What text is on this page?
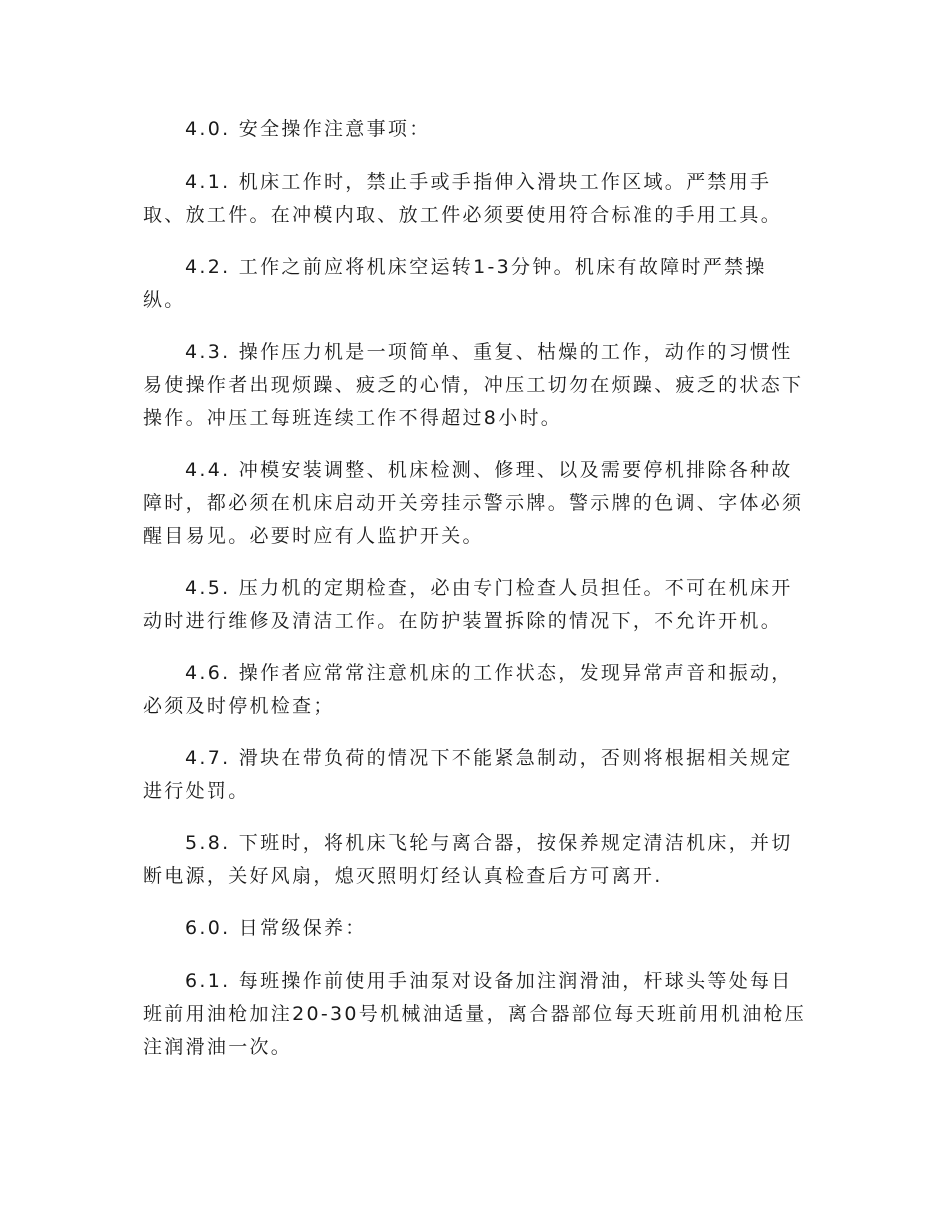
4.0. 安全操作注意事项：

4.1. 机床工作时，禁止手或手指伸入滑块工作区域。严禁用手取、放工件。在冲模内取、放工件必须要使用符合标准的手用工具。

4.2. 工作之前应将机床空运转1-3分钟。机床有故障时严禁操纵。

4.3. 操作压力机是一项简单、重复、枯燥的工作，动作的习惯性易使操作者出现烦躁、疲乏的心情，冲压工切勿在烦躁、疲乏的状态下操作。冲压工每班连续工作不得超过8小时。

4.4. 冲模安装调整、机床检测、修理、以及需要停机排除各种故障时，都必须在机床启动开关旁挂示警示牌。警示牌的色调、字体必须醒目易见。必要时应有人监护开关。

4.5. 压力机的定期检查，必由专门检查人员担任。不可在机床开动时进行维修及清洁工作。在防护装置拆除的情况下，不允许开机。

4.6. 操作者应常常注意机床的工作状态，发现异常声音和振动，必须及时停机检查；

4.7. 滑块在带负荷的情况下不能紧急制动，否则将根据相关规定进行处罚。

5.8. 下班时，将机床飞轮与离合器，按保养规定清洁机床，并切断电源，关好风扇，熄灭照明灯经认真检查后方可离开.

6.0. 日常级保养：

6.1. 每班操作前使用手油泵对设备加注润滑油，杆球头等处每日班前用油枪加注20-30号机械油适量，离合器部位每天班前用机油枪压注润滑油一次。
